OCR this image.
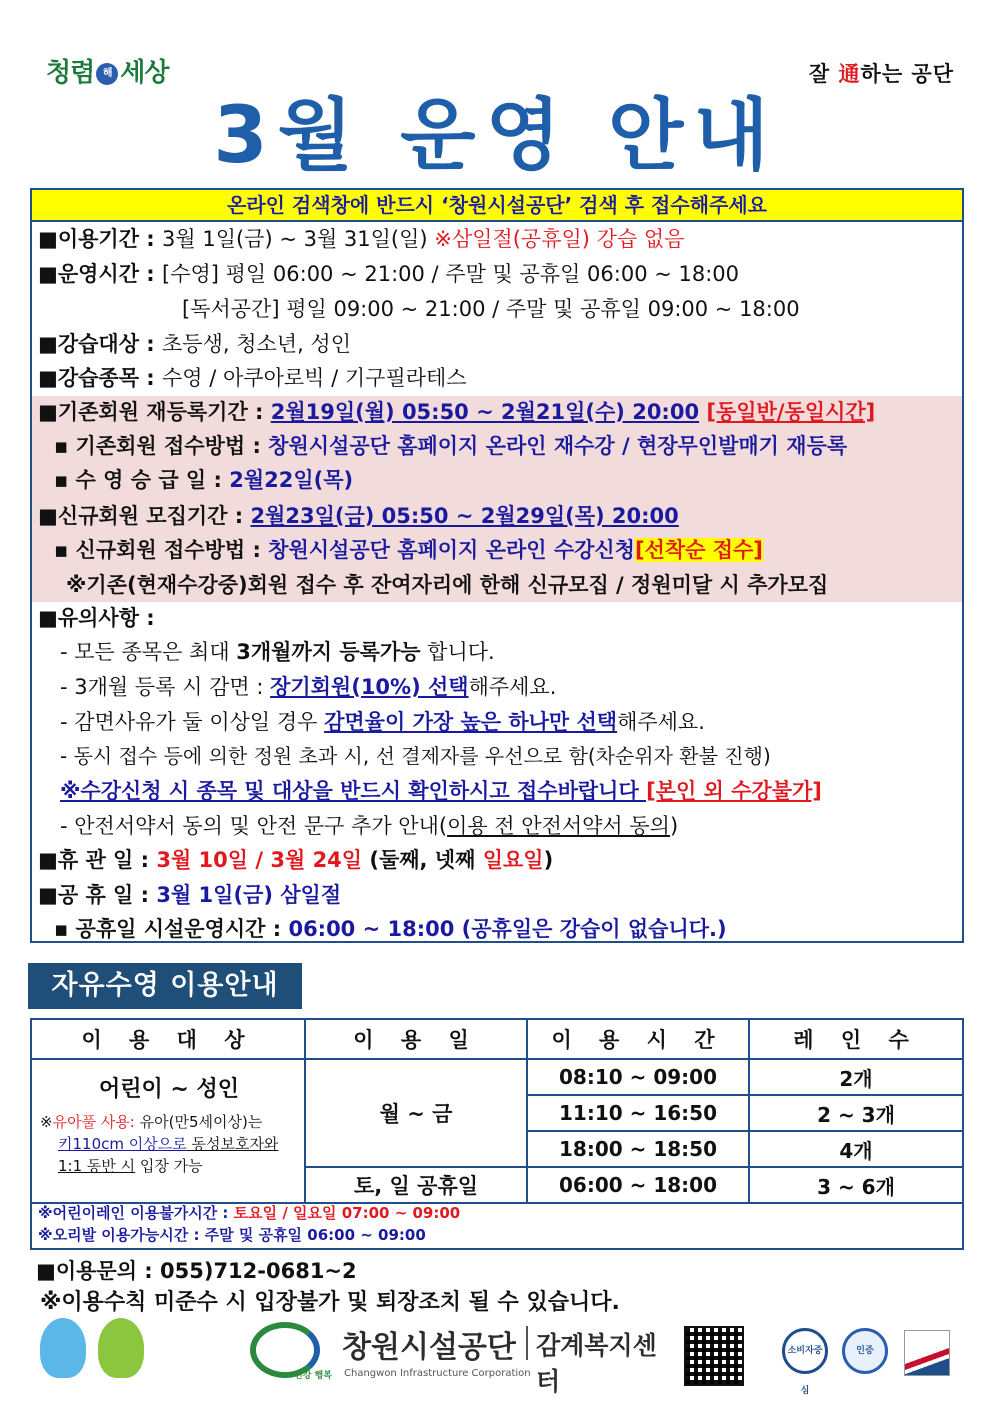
청렴 해 세상	잘 通하는 공단
3월 운영 안내
온라인 검색창에 반드시 ‘창원시설공단’ 검색 후 접수해주세요
■이용기간 : 3월 1일(금) ~ 3월 31일(일) ※삼일절(공휴일) 강습 없음
■운영시간 : [수영] 평일 06:00 ~ 21:00 / 주말 및 공휴일 06:00 ~ 18:00
[독서공간] 평일 09:00 ~ 21:00 / 주말 및 공휴일 09:00 ~ 18:00
■강습대상 : 초등생, 청소년, 성인
■강습종목 : 수영 / 아쿠아로빅 / 기구필라테스
■기존회원 재등록기간 : 2월19일(월) 05:50 ~ 2월21일(수) 20:00 [동일반/동일시간]
▪ 기존회원 접수방법 : 창원시설공단 홈페이지 온라인 재수강 / 현장무인발매기 재등록
▪ 수 영 승 급 일 : 2월22일(목)
■신규회원 모집기간 : 2월23일(금) 05:50 ~ 2월29일(목) 20:00
▪ 신규회원 접수방법 : 창원시설공단 홈페이지 온라인 수강신청[선착순 접수]
※기존(현재수강중)회원 접수 후 잔여자리에 한해 신규모집 / 정원미달 시 추가모집
■유의사항 :
- 모든 종목은 최대 3개월까지 등록가능 합니다.
- 3개월 등록 시 감면 : 장기회원(10%) 선택해주세요.
- 감면사유가 둘 이상일 경우 감면율이 가장 높은 하나만 선택해주세요.
- 동시 접수 등에 의한 정원 초과 시, 선 결제자를 우선으로 함(차순위자 환불 진행)
※수강신청 시 종목 및 대상을 반드시 확인하시고 접수바랍니다 [본인 외 수강불가]
- 안전서약서 동의 및 안전 문구 추가 안내(이용 전 안전서약서 동의)
■휴 관 일 : 3월 10일 / 3월 24일 (둘째, 넷째 일요일)
■공 휴 일 : 3월 1일(금) 삼일절
▪ 공휴일 시설운영시간 : 06:00 ~ 18:00 (공휴일은 강습이 없습니다.)
자유수영 이용안내
이 용 대 상	이 용 일	이 용 시 간	레 인 수

어린이 ~ 성인
※유아풀 사용: 유아(만5세이상)는
키110cm 이상으로 동성보호자와
1:1 동반 시 입장 가능	월 ~ 금	08:10 ~ 09:00	2개
		11:10 ~ 16:50	2 ~ 3개
		18:00 ~ 18:50	4개
	토, 일 공휴일	06:00 ~ 18:00	3 ~ 6개
※어린이레인 이용불가시간 : 토요일 / 일요일 07:00 ~ 09:00
※오리발 이용가능시간 : 주말 및 공휴일 06:00 ~ 09:00
■이용문의 : 055)712-0681~2
※이용수칙 미준수 시 입장불가 및 퇴장조치 될 수 있습니다.
건강 행복
창원시설공단 감계복지센터
Changwon Infrastructure Corporation
소비자중심
인증
